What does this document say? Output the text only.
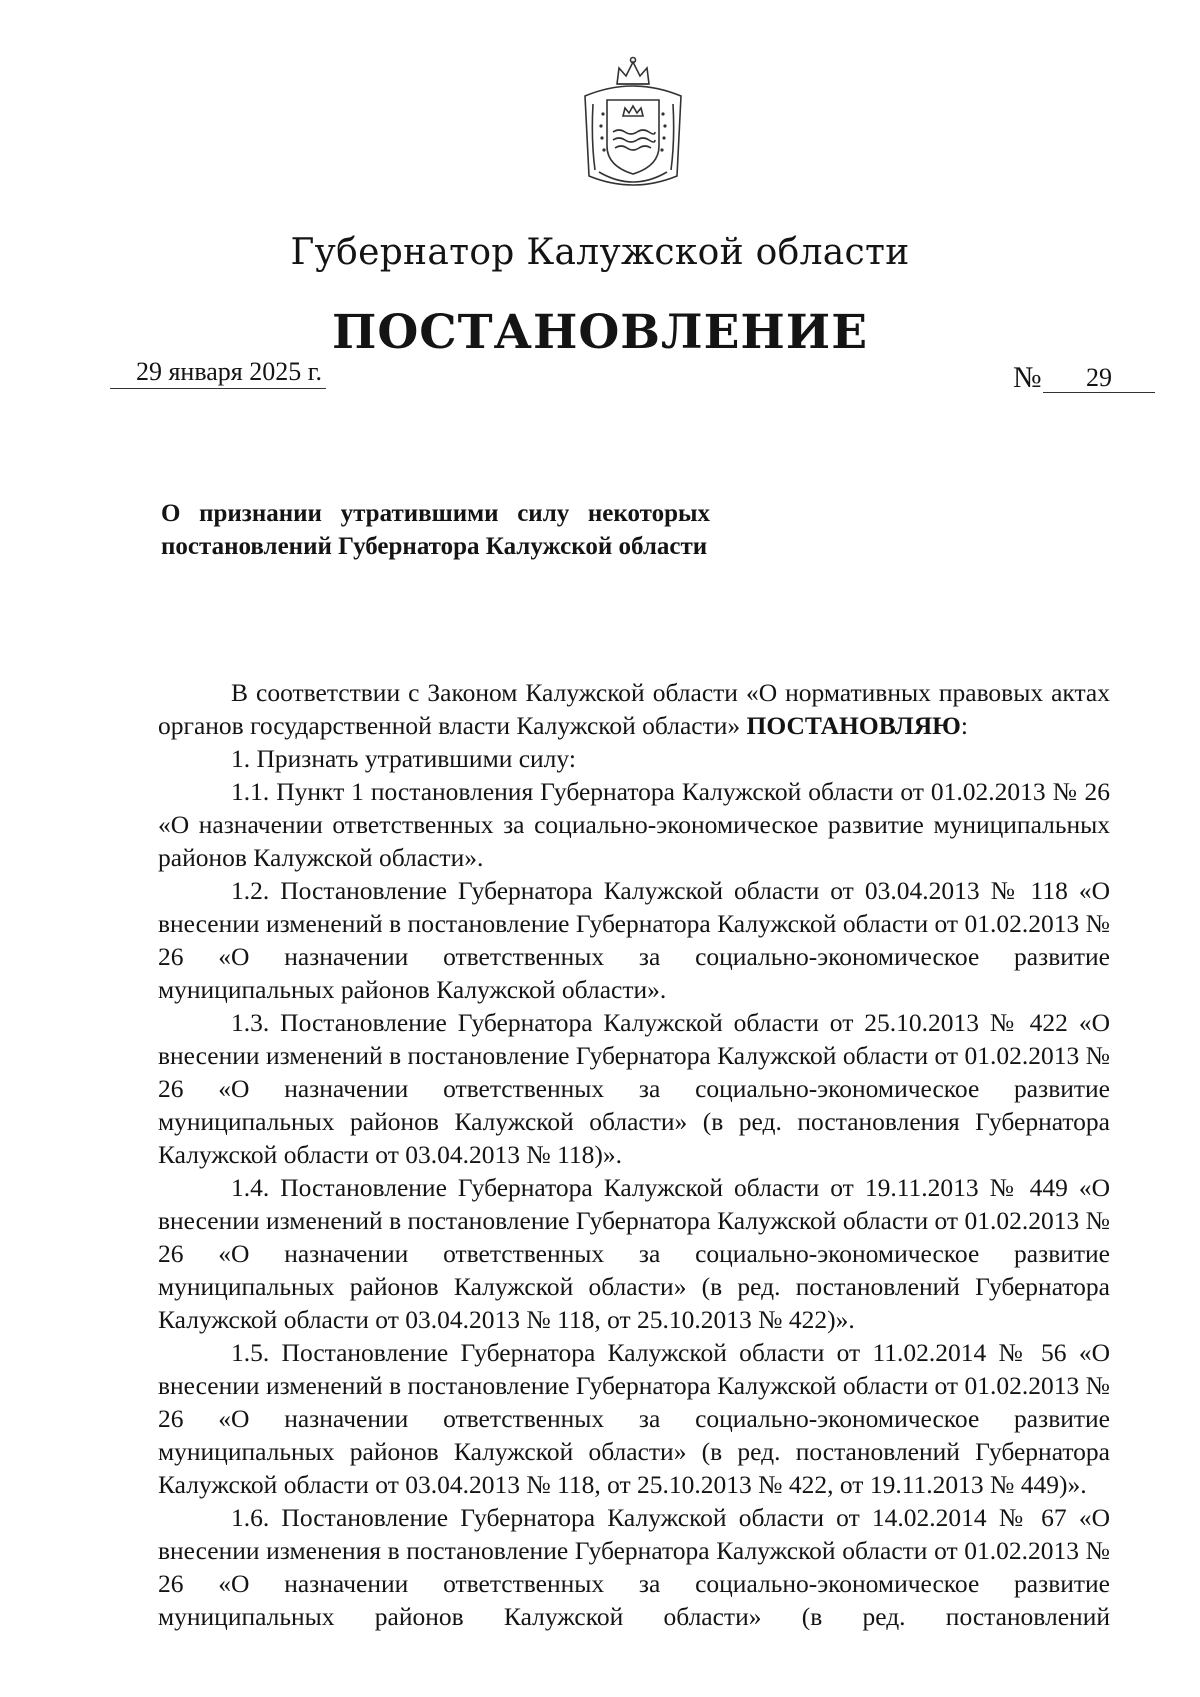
Губернатор Калужской области
ПОСТАНОВЛЕНИЕ
29 января 2025 г.	№	29
О признании утратившими силу некоторых постановлений Губернатора Калужской области

В соответствии с Законом Калужской области «О нормативных правовых актах органов государственной власти Калужской области» ПОСТАНОВЛЯЮ:

1. Признать утратившими силу:

1.1. Пункт 1 постановления Губернатора Калужской области от 01.02.2013 № 26 «О назначении ответственных за социально-экономическое развитие муниципальных районов Калужской области».

1.2. Постановление Губернатора Калужской области от 03.04.2013 № 118 «О внесении изменений в постановление Губернатора Калужской области от 01.02.2013 № 26 «О назначении ответственных за социально-экономическое развитие муниципальных районов Калужской области».

1.3. Постановление Губернатора Калужской области от 25.10.2013 № 422 «О внесении изменений в постановление Губернатора Калужской области от 01.02.2013 № 26 «О назначении ответственных за социально-экономическое развитие муниципальных районов Калужской области» (в ред. постановления Губернатора Калужской области от 03.04.2013 № 118)».

1.4. Постановление Губернатора Калужской области от 19.11.2013 № 449 «О внесении изменений в постановление Губернатора Калужской области от 01.02.2013 № 26 «О назначении ответственных за социально-экономическое развитие муниципальных районов Калужской области» (в ред. постановлений Губернатора Калужской области от 03.04.2013 № 118, от 25.10.2013 № 422)».

1.5. Постановление Губернатора Калужской области от 11.02.2014 № 56 «О внесении изменений в постановление Губернатора Калужской области от 01.02.2013 № 26 «О назначении ответственных за социально-экономическое развитие муниципальных районов Калужской области» (в ред. постановлений Губернатора Калужской области от 03.04.2013 № 118, от 25.10.2013 № 422, от 19.11.2013 № 449)».

1.6. Постановление Губернатора Калужской области от 14.02.2014 № 67 «О внесении изменения в постановление Губернатора Калужской области от 01.02.2013 № 26 «О назначении ответственных за социально-экономическое развитие муниципальных районов Калужской области» (в ред. постановлений
